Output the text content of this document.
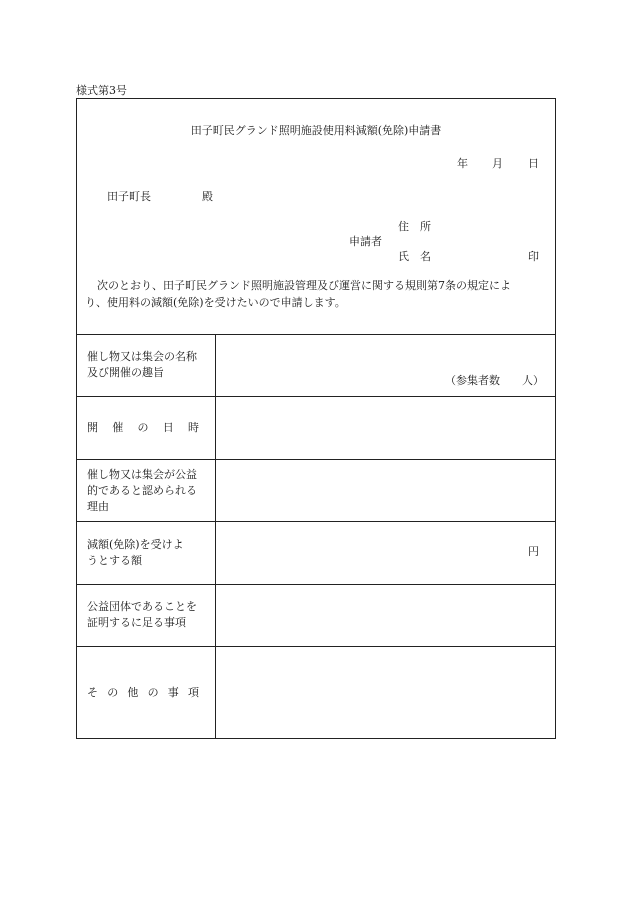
様式第3号
田子町民グランド照明施設使用料減額(免除)申請書
年 月 日
田子町長	殿
住　所
申請者
氏　名	印
次のとおり、田子町民グランド照明施設管理及び運営に関する規則第7条の規定によ
り、使用料の減額(免除)を受けたいので申請します。
催し物又は集会の名称
及び開催の趣旨
（参集者数　　人）
開 催 の 日 時
催し物又は集会が公益
的であると認められる
理由
減額(免除)を受けよ
うとする額
円
公益団体であることを
証明するに足る事項
そ の 他 の 事 項
